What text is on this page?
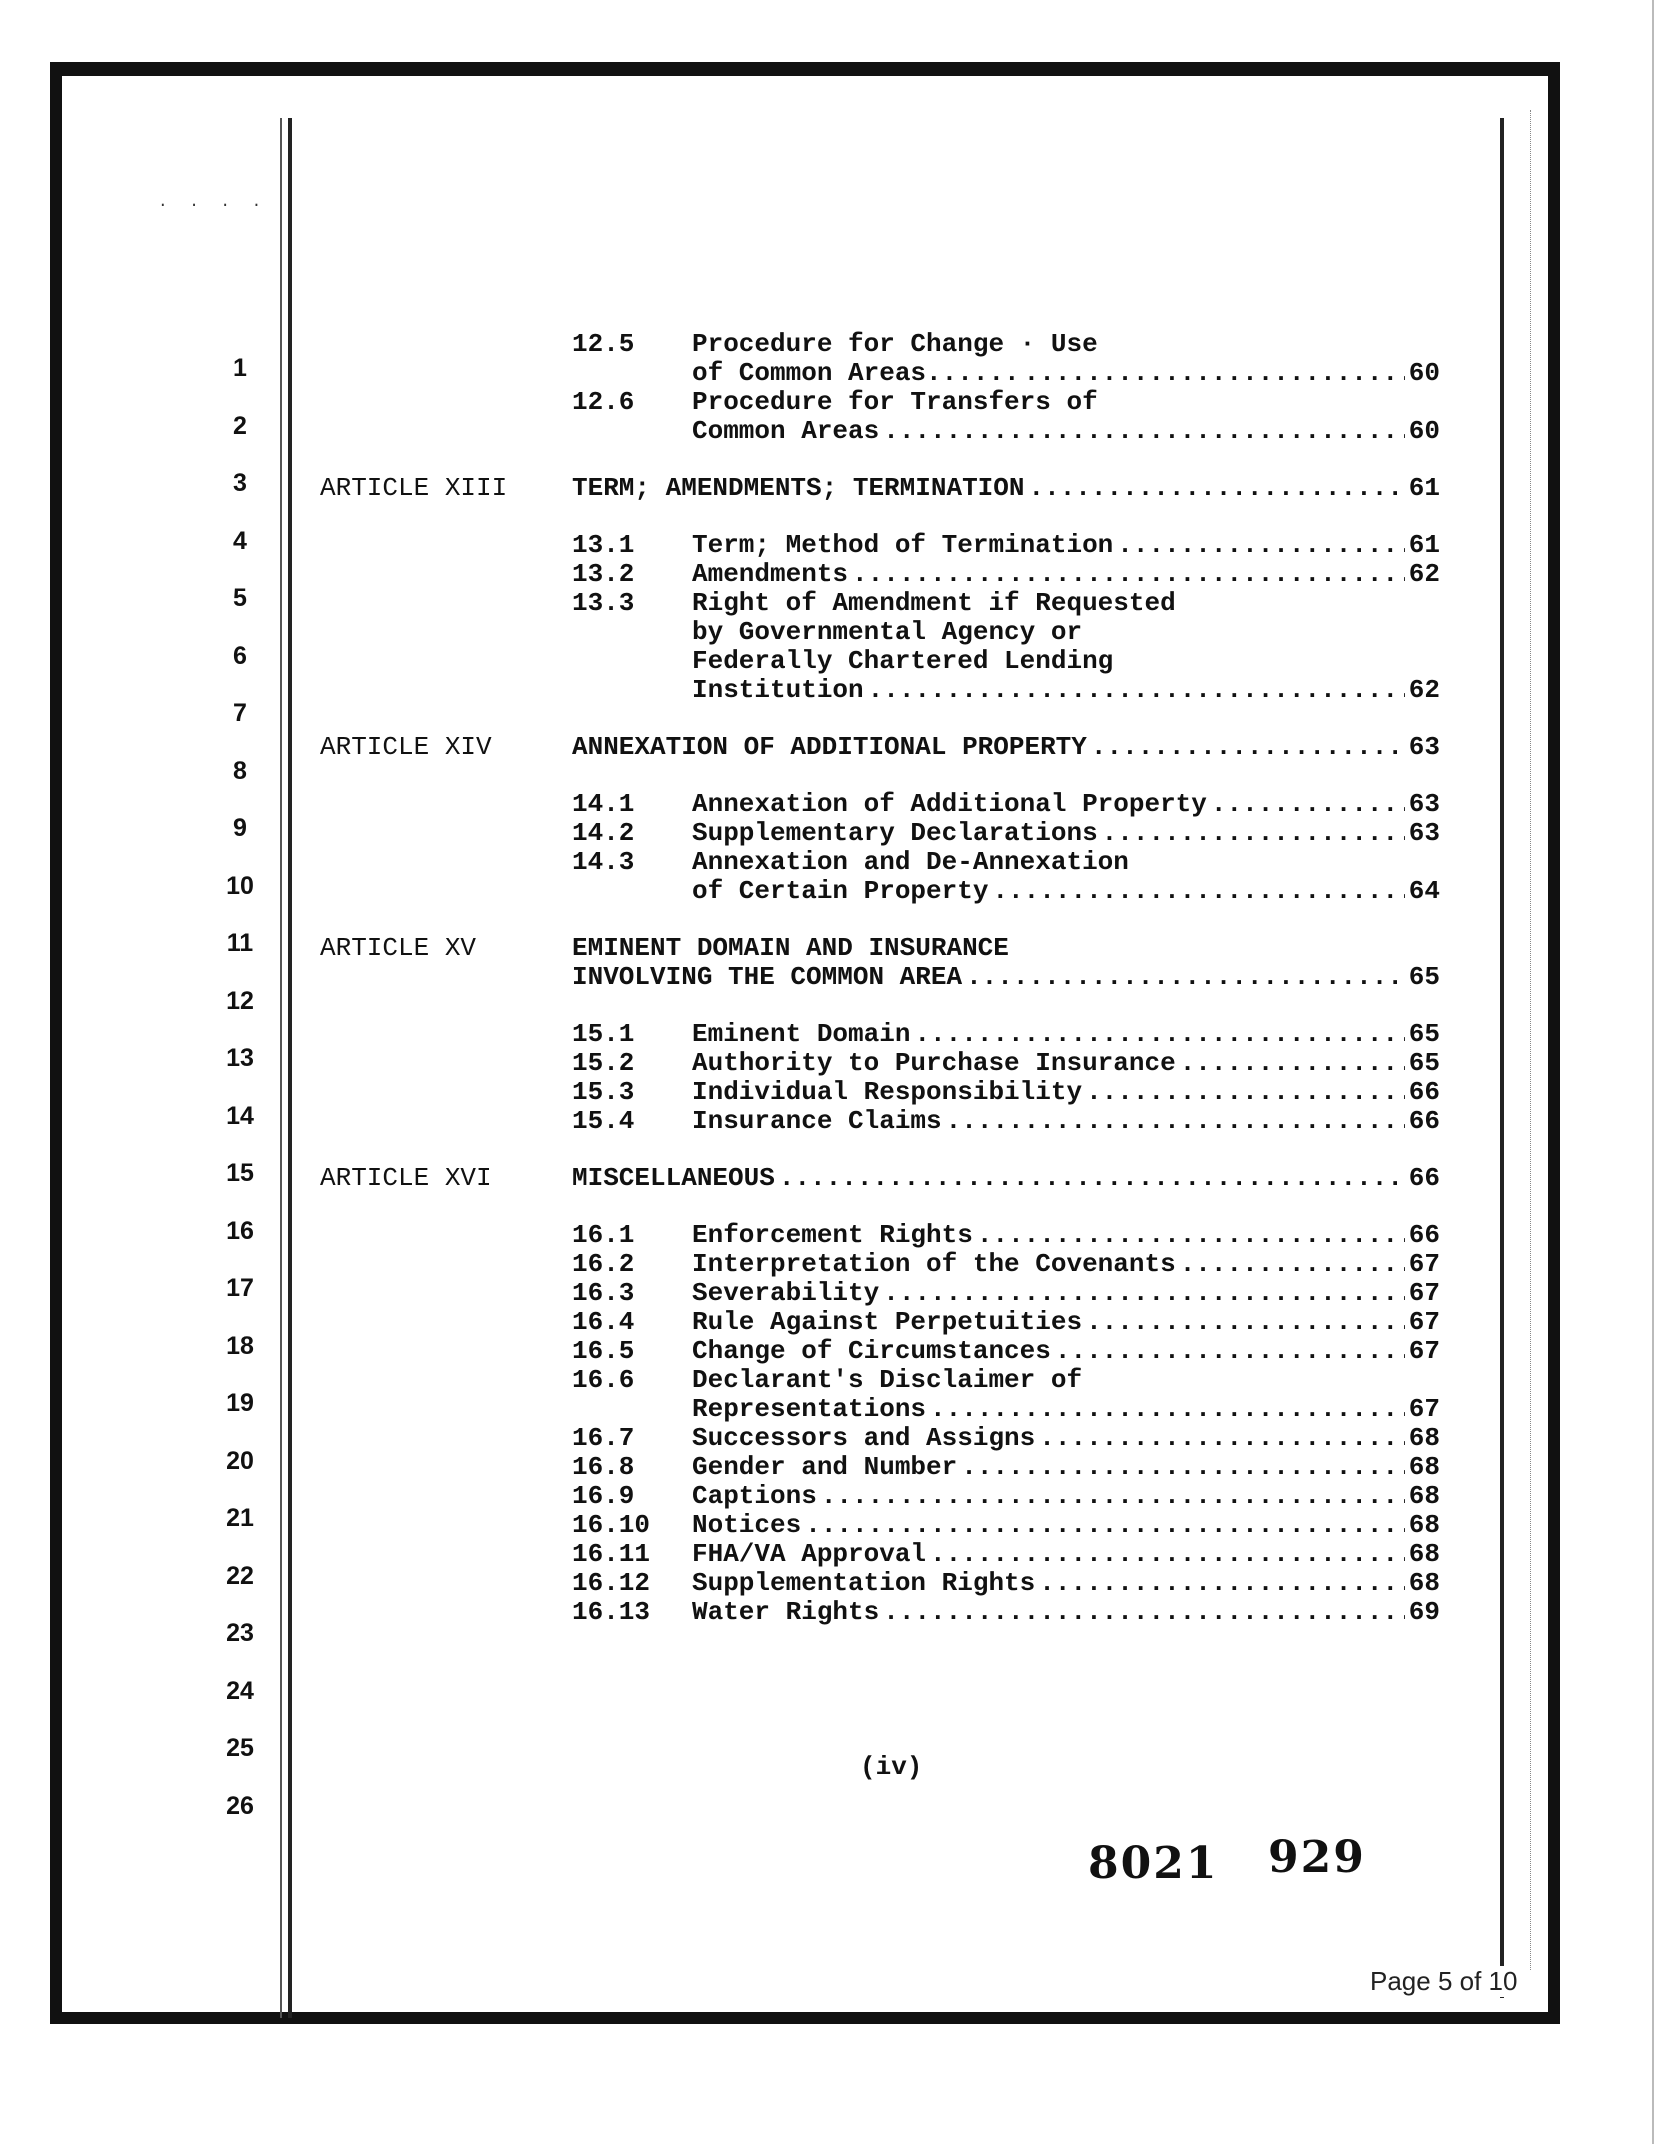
· · · ·
1
2
3
4
5
6
7
8
9
10
11
12
13
14
15
16
17
18
19
20
21
22
23
24
25
26
12.5 Procedure for Change · Use
of Common Areas...... .....	60
12.6 Procedure for Transfers of
Common Areas .....	60
ARTICLE XIII TERM; AMENDMENTS; TERMINATION .....	61
13.1 Term; Method of Termination .....	61
13.2 Amendments .....	62
13.3 Right of Amendment if Requested
by Governmental Agency or
Federally Chartered Lending
Institution .....	62
ARTICLE XIV	ANNEXATION OF ADDITIONAL PROPERTY .....	63
14.1 Annexation of Additional Property .....	63
14.2 Supplementary Declarations .....	63
14.3 Annexation and De-Annexation
of Certain Property .....	64
ARTICLE XV	EMINENT DOMAIN AND INSURANCE
INVOLVING THE COMMON AREA .....	65
15.1 Eminent Domain .....	65
15.2 Authority to Purchase Insurance .....	65
15.3 Individual Responsibility .....	66
15.4 Insurance Claims .....	66
ARTICLE XVI	MISCELLANEOUS .....	66
16.1 Enforcement Rights .....	66
16.2 Interpretation of the Covenants .....	67
16.3 Severability .....	67
16.4 Rule Against Perpetuities .....	67
16.5 Change of Circumstances .....	67
16.6 Declarant's Disclaimer of
Representations .....	67
16.7 Successors and Assigns .....	68
16.8 Gender and Number .....	68
16.9 Captions .....	68
16.10 Notices .....	68
16.11 FHA/VA Approval .....	68
16.12 Supplementation Rights .....	68
16.13 Water Rights .....	69
(iv)
8021 929
Page 5 of 10
